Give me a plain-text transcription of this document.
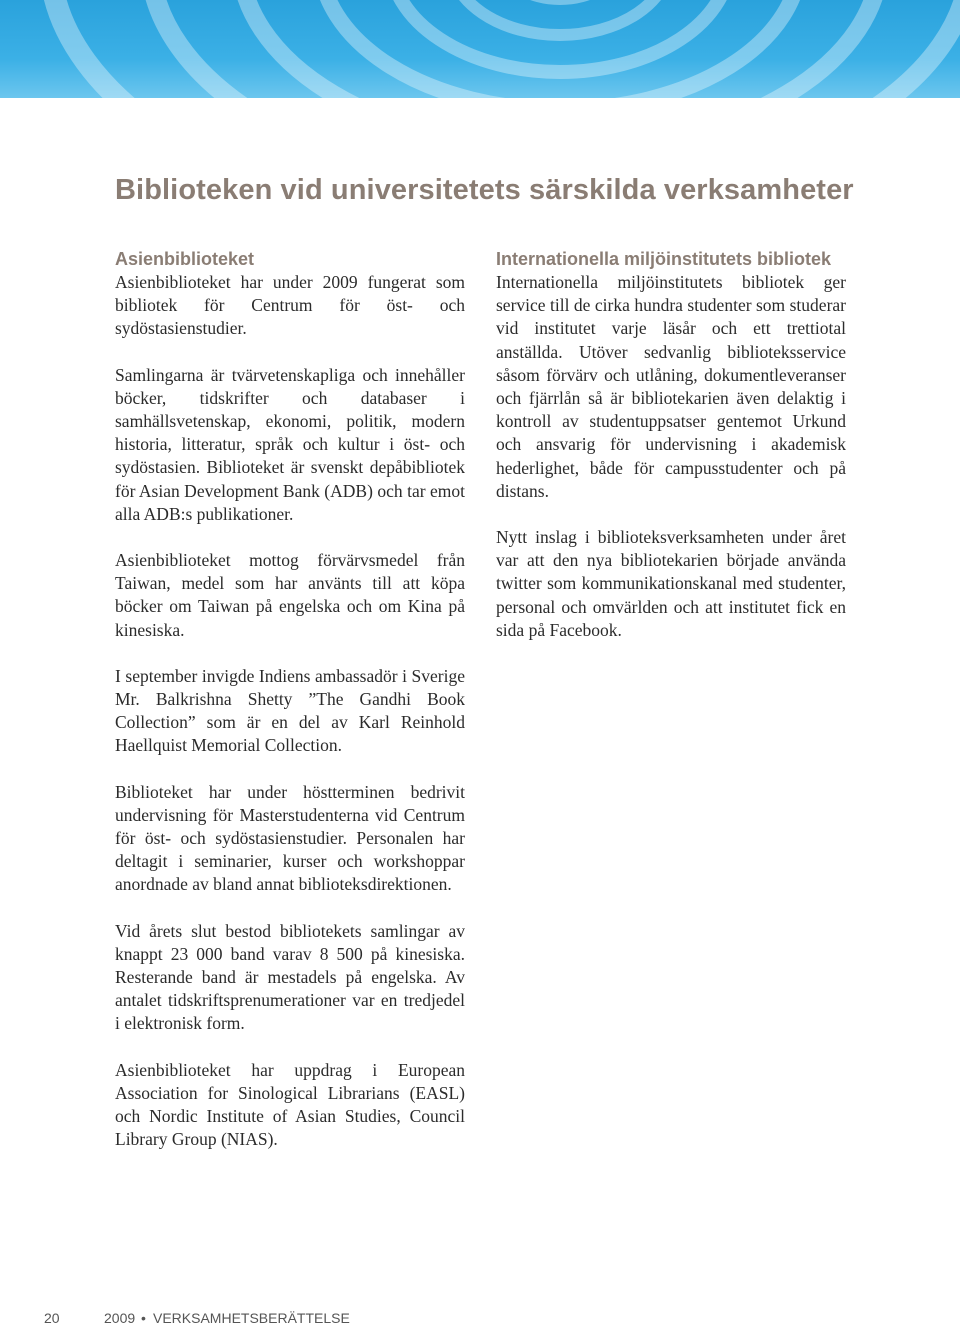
Biblioteken vid universitetets särskilda verksamheter
Asienbiblioteket

Asienbiblioteket har under 2009 fungerat som bibliotek för Centrum för öst- och sydöstasienstudier.

Samlingarna är tvärvetenskapliga och innehåller böcker, tidskrifter och databaser i samhällsvetenskap, ekonomi, politik, modern historia, litteratur, språk och kultur i öst- och sydöstasien. Biblioteket är svenskt depåbibliotek för Asian Development Bank (ADB) och tar emot alla ADB:s publikationer.

Asienbiblioteket mottog förvärvsmedel från Taiwan, medel som har använts till att köpa böcker om Taiwan på engelska och om Kina på kinesiska.

I september invigde Indiens ambassadör i Sverige Mr. Balkrishna Shetty ”The Gandhi Book Collection” som är en del av Karl Reinhold Haellquist Memorial Collection.

Biblioteket har under höstterminen bedrivit undervisning för Masterstudenterna vid Centrum för öst- och sydöstasienstudier. Personalen har deltagit i seminarier, kurser och workshoppar anordnade av bland annat biblioteksdirektionen.

Vid årets slut bestod bibliotekets samlingar av knappt 23 000 band varav 8 500 på kinesiska. Resterande band är mestadels på engelska. Av antalet tidskriftsprenumerationer var en tredjedel i elektronisk form.

Asienbiblioteket har uppdrag i European Association for Sinological Librarians (EASL) och Nordic Institute of Asian Studies, Council Library Group (NIAS).

Internationella miljöinstitutets bibliotek

Internationella miljöinstitutets bibliotek ger service till de cirka hundra studenter som studerar vid institutet varje läsår och ett trettiotal anställda. Utöver sedvanlig biblioteksservice såsom förvärv och utlåning, dokumentleveranser och fjärrlån så är bibliotekarien även delaktig i kontroll av studentuppsatser gentemot Urkund och ansvarig för undervisning i akademisk hederlighet, både för campusstudenter och på distans.

Nytt inslag i biblioteksverksamheten under året var att den nya bibliotekarien började använda twitter som kommunikationskanal med studenter, personal och omvärlden och att institutet fick en sida på Facebook.

20	2009 • VERKSAMHETSBERÄTTELSE
